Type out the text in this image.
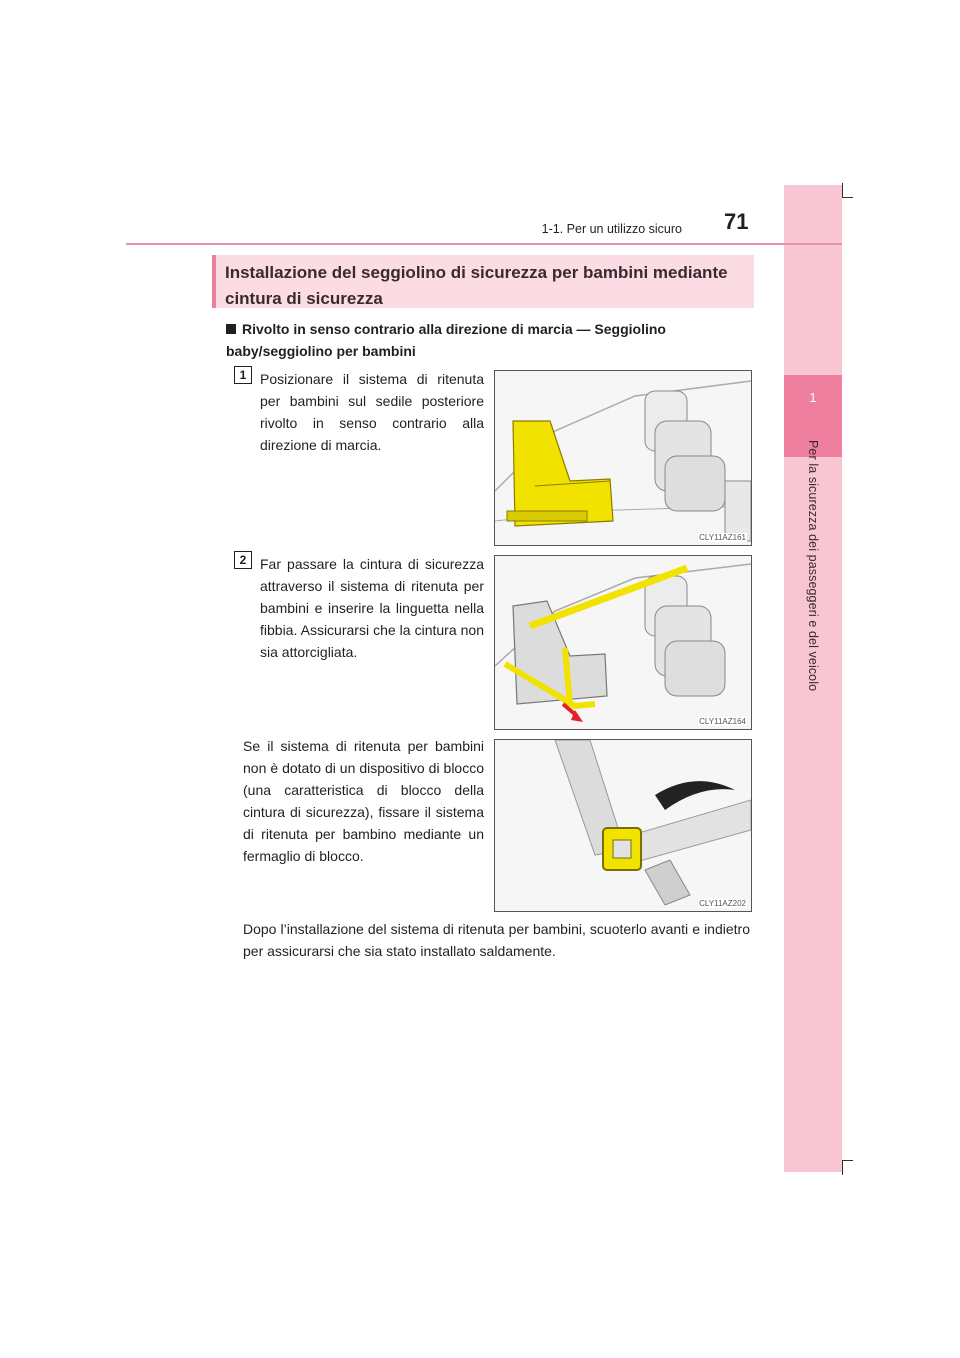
1
Per la sicurezza dei passeggeri e del veicolo
1-1. Per un utilizzo sicuro 71
Installazione del seggiolino di sicurezza per bambini mediante cintura di sicurezza
Rivolto in senso contrario alla direzione di marcia — Seggiolino baby/seggiolino per bambini
1 Posizionare il sistema di ritenuta per bambini sul sedile posteriore rivolto in senso contrario alla direzione di marcia.
CLY11AZ161
2 Far passare la cintura di sicurezza attraverso il sistema di ritenuta per bambini e inserire la linguetta nella fibbia. Assicurarsi che la cintura non sia attorcigliata.
CLY11AZ164
Se il sistema di ritenuta per bambini non è dotato di un dispositivo di blocco (una caratteristica di blocco della cintura di sicurezza), fissare il sistema di ritenuta per bambino mediante un fermaglio di blocco.
CLY11AZ202
Dopo l’installazione del sistema di ritenuta per bambini, scuoterlo avanti e indietro per assicurarsi che sia stato installato saldamente.
